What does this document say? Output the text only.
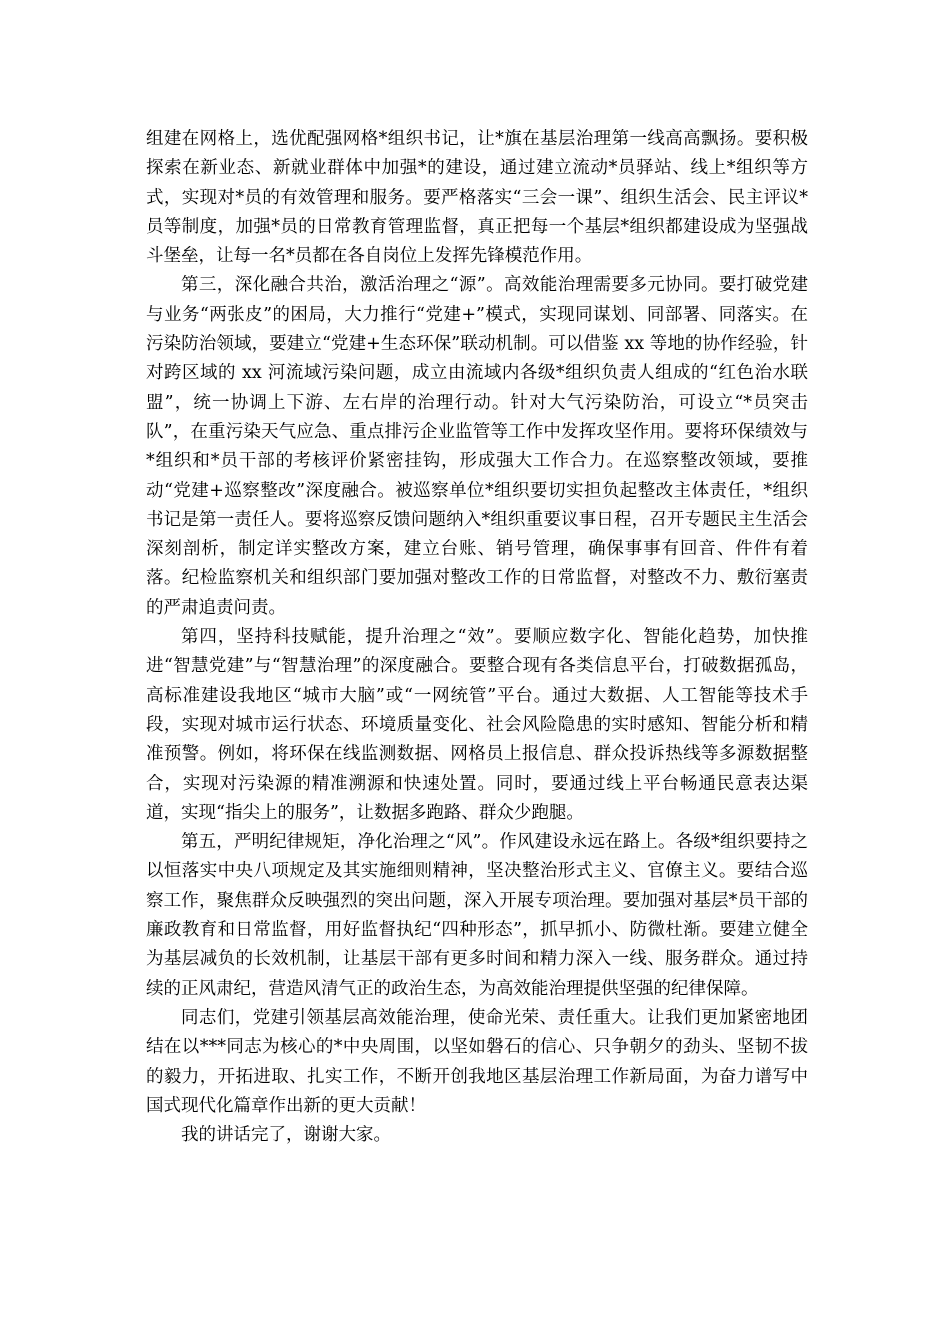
组建在网格上，选优配强网格*组织书记，让*旗在基层治理第一线高高飘扬。要积极探索在新业态、新就业群体中加强*的建设，通过建立流动*员驿站、线上*组织等方式，实现对*员的有效管理和服务。要严格落实“三会一课”、组织生活会、民主评议*员等制度，加强*员的日常教育管理监督，真正把每一个基层*组织都建设成为坚强战斗堡垒，让每一名*员都在各自岗位上发挥先锋模范作用。

第三，深化融合共治，激活治理之“源”。高效能治理需要多元协同。要打破党建与业务“两张皮”的困局，大力推行“党建+”模式，实现同谋划、同部署、同落实。在污染防治领域，要建立“党建+生态环保”联动机制。可以借鉴 xx 等地的协作经验，针对跨区域的 xx 河流域污染问题，成立由流域内各级*组织负责人组成的“红色治水联盟”，统一协调上下游、左右岸的治理行动。针对大气污染防治，可设立“*员突击队”，在重污染天气应急、重点排污企业监管等工作中发挥攻坚作用。要将环保绩效与*组织和*员干部的考核评价紧密挂钩，形成强大工作合力。在巡察整改领域，要推动“党建+巡察整改”深度融合。被巡察单位*组织要切实担负起整改主体责任，*组织书记是第一责任人。要将巡察反馈问题纳入*组织重要议事日程，召开专题民主生活会深刻剖析，制定详实整改方案，建立台账、销号管理，确保事事有回音、件件有着落。纪检监察机关和组织部门要加强对整改工作的日常监督，对整改不力、敷衍塞责的严肃追责问责。

第四，坚持科技赋能，提升治理之“效”。要顺应数字化、智能化趋势，加快推进“智慧党建”与“智慧治理”的深度融合。要整合现有各类信息平台，打破数据孤岛，高标准建设我地区“城市大脑”或“一网统管”平台。通过大数据、人工智能等技术手段，实现对城市运行状态、环境质量变化、社会风险隐患的实时感知、智能分析和精准预警。例如，将环保在线监测数据、网格员上报信息、群众投诉热线等多源数据整合，实现对污染源的精准溯源和快速处置。同时，要通过线上平台畅通民意表达渠道，实现“指尖上的服务”，让数据多跑路、群众少跑腿。

第五，严明纪律规矩，净化治理之“风”。作风建设永远在路上。各级*组织要持之以恒落实中央八项规定及其实施细则精神，坚决整治形式主义、官僚主义。要结合巡察工作，聚焦群众反映强烈的突出问题，深入开展专项治理。要加强对基层*员干部的廉政教育和日常监督，用好监督执纪“四种形态”，抓早抓小、防微杜渐。要建立健全为基层减负的长效机制，让基层干部有更多时间和精力深入一线、服务群众。通过持续的正风肃纪，营造风清气正的政治生态，为高效能治理提供坚强的纪律保障。

同志们，党建引领基层高效能治理，使命光荣、责任重大。让我们更加紧密地团结在以***同志为核心的*中央周围，以坚如磐石的信心、只争朝夕的劲头、坚韧不拔的毅力，开拓进取、扎实工作，不断开创我地区基层治理工作新局面，为奋力谱写中国式现代化篇章作出新的更大贡献！

我的讲话完了，谢谢大家。
